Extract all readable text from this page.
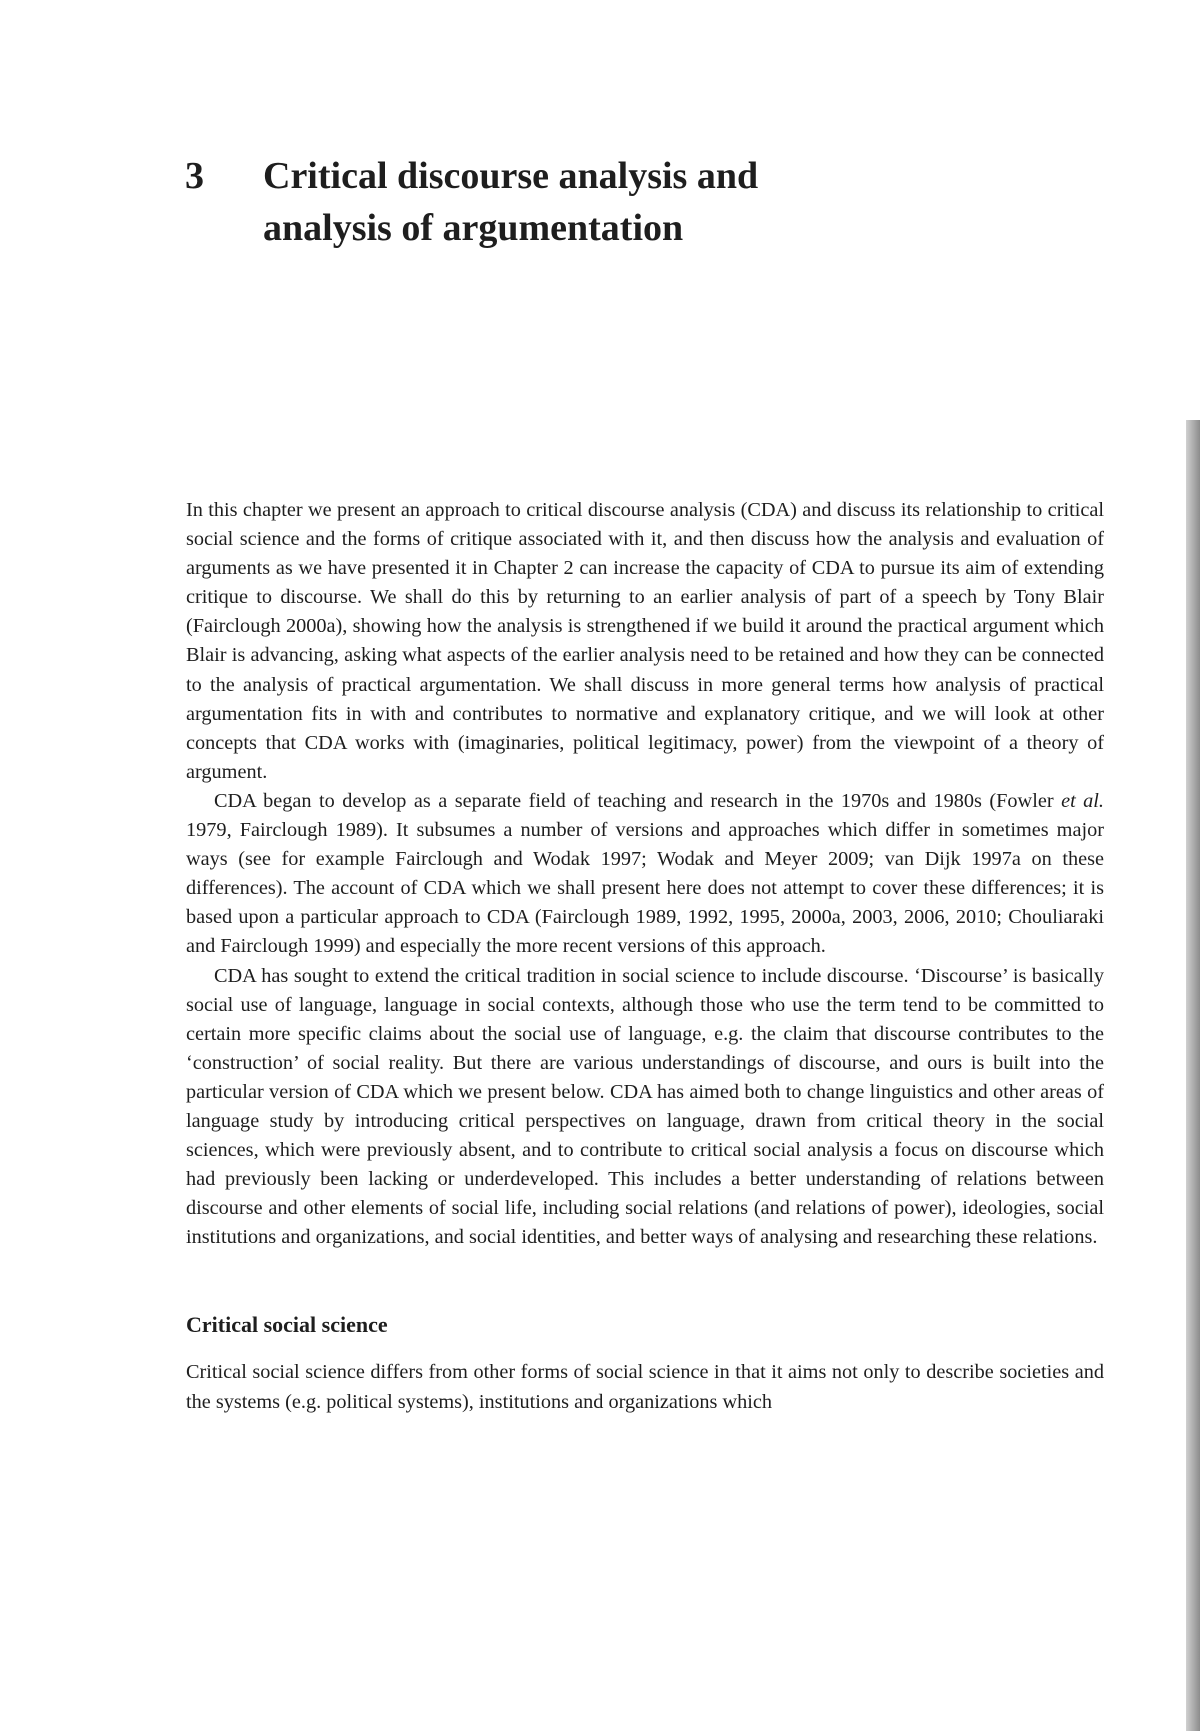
3 Critical discourse analysis and
analysis of argumentation

In this chapter we present an approach to critical discourse analysis (CDA) and discuss its relationship to critical social science and the forms of critique associated with it, and then discuss how the analysis and evaluation of arguments as we have presented it in Chapter 2 can increase the capacity of CDA to pursue its aim of extending critique to discourse. We shall do this by returning to an earlier analysis of part of a speech by Tony Blair (Fairclough 2000a), showing how the analysis is strengthened if we build it around the practical argument which Blair is advancing, asking what aspects of the earlier analysis need to be retained and how they can be connected to the analysis of practical argumentation. We shall discuss in more general terms how analysis of practical argumentation fits in with and contributes to normative and explanatory critique, and we will look at other concepts that CDA works with (imaginaries, political legitimacy, power) from the viewpoint of a theory of argument.

CDA began to develop as a separate field of teaching and research in the 1970s and 1980s (Fowler et al. 1979, Fairclough 1989). It subsumes a number of versions and approaches which differ in sometimes major ways (see for example Fairclough and Wodak 1997; Wodak and Meyer 2009; van Dijk 1997a on these differences). The account of CDA which we shall present here does not attempt to cover these differences; it is based upon a particular approach to CDA (Fairclough 1989, 1992, 1995, 2000a, 2003, 2006, 2010; Chouliaraki and Fairclough 1999) and especially the more recent versions of this approach.

CDA has sought to extend the critical tradition in social science to include discourse. ‘Discourse’ is basically social use of language, language in social contexts, although those who use the term tend to be committed to certain more specific claims about the social use of language, e.g. the claim that discourse contributes to the ‘construction’ of social reality. But there are various understandings of discourse, and ours is built into the particular version of CDA which we present below. CDA has aimed both to change linguistics and other areas of language study by introducing critical perspectives on language, drawn from critical theory in the social sciences, which were previously absent, and to contribute to critical social analysis a focus on discourse which had previously been lacking or underdeveloped. This includes a better understanding of relations between discourse and other elements of social life, including social relations (and relations of power), ideologies, social institutions and organizations, and social identities, and better ways of analysing and researching these relations.

Critical social science

Critical social science differs from other forms of social science in that it aims not only to describe societies and the systems (e.g. political systems), institutions and organizations which
